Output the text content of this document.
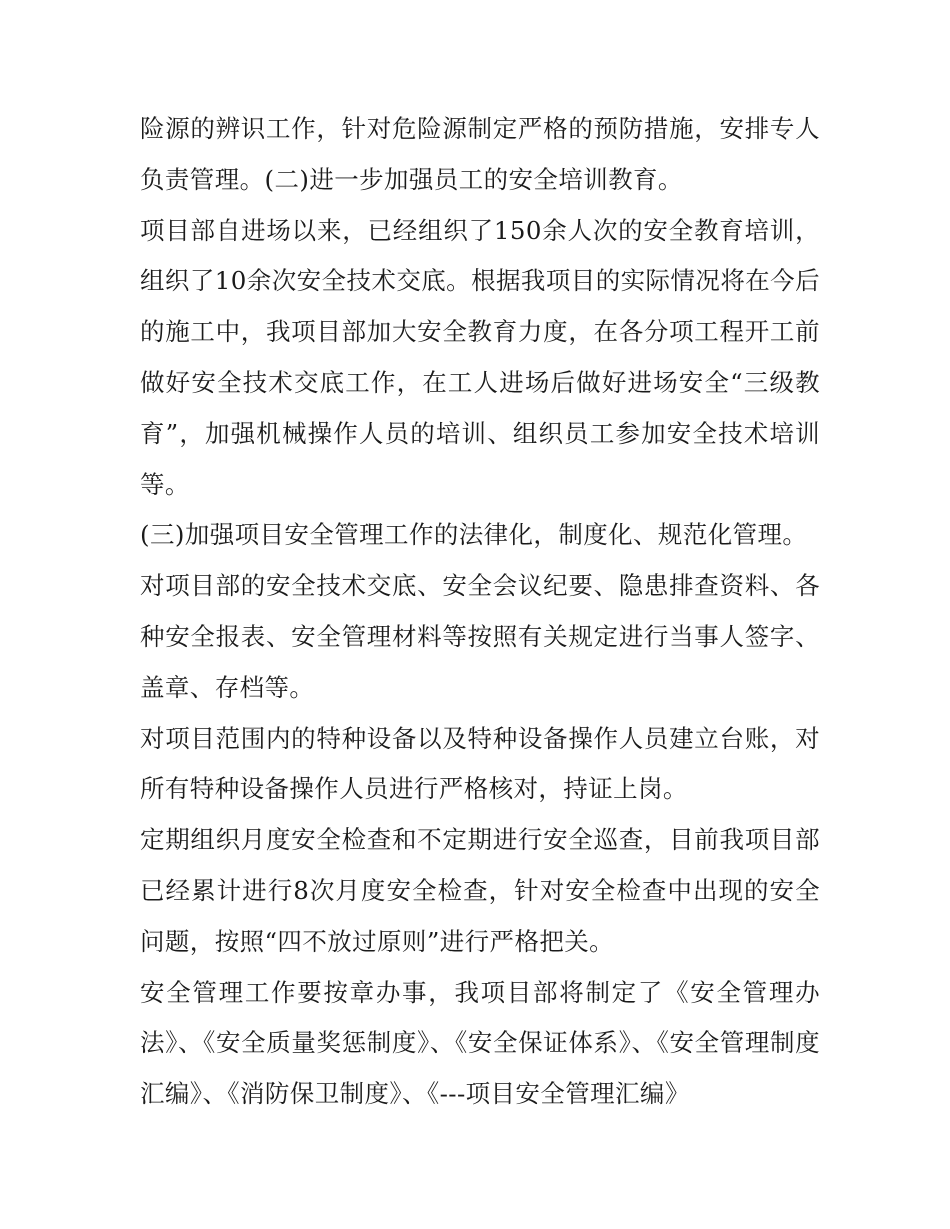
险源的辨识工作，针对危险源制定严格的预防措施，安排专人负责管理。(二)进一步加强员工的安全培训教育。

项目部自进场以来，已经组织了150余人次的安全教育培训，组织了10余次安全技术交底。根据我项目的实际情况将在今后的施工中，我项目部加大安全教育力度，在各分项工程开工前做好安全技术交底工作，在工人进场后做好进场安全“三级教育”，加强机械操作人员的培训、组织员工参加安全技术培训等。

(三)加强项目安全管理工作的法律化，制度化、规范化管理。

对项目部的安全技术交底、安全会议纪要、隐患排查资料、各种安全报表、安全管理材料等按照有关规定进行当事人签字、盖章、存档等。

对项目范围内的特种设备以及特种设备操作人员建立台账，对所有特种设备操作人员进行严格核对，持证上岗。

定期组织月度安全检查和不定期进行安全巡查，目前我项目部已经累计进行8次月度安全检查，针对安全检查中出现的安全问题，按照“四不放过原则”进行严格把关。

安全管理工作要按章办事，我项目部将制定了《安全管理办法》、《安全质量奖惩制度》、《安全保证体系》、《安全管理制度汇编》、《消防保卫制度》、《---项目安全管理汇编》
